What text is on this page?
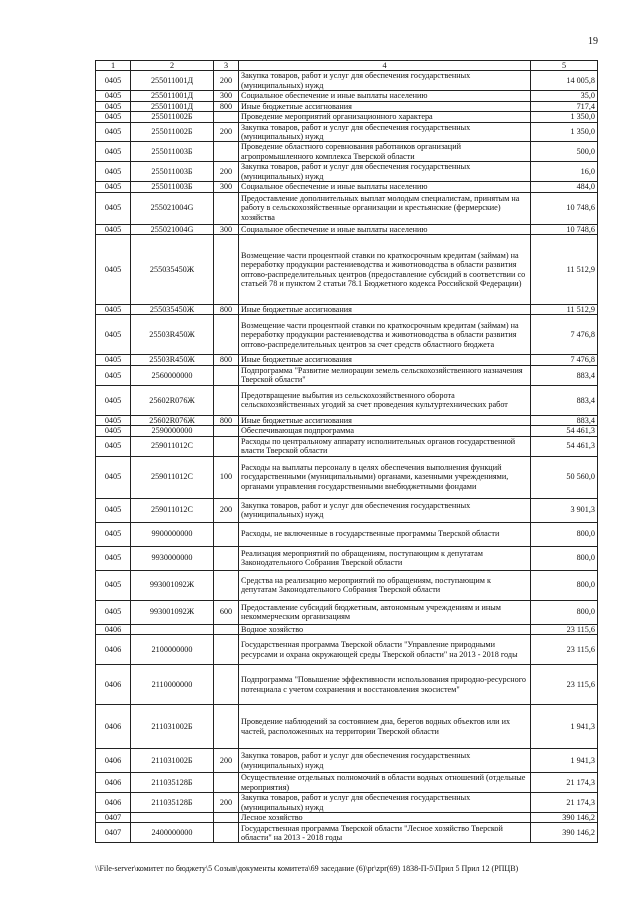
19
1	2	3	4	5
0405	255011001Д	200	Закупка товаров, работ и услуг для обеспечения государственных (муниципальных) нужд	14 005,8
0405	255011001Д	300	Социальное обеспечение и иные выплаты населению	35,0
0405	255011001Д	800	Иные бюджетные ассигнования	717,4
0405	255011002Б		Проведение мероприятий организационного характера	1 350,0
0405	255011002Б	200	Закупка товаров, работ и услуг для обеспечения государственных (муниципальных) нужд	1 350,0
0405	255011003Б		Проведение областного соревнования работников организаций агропромышленного комплекса Тверской области	500,0
0405	255011003Б	200	Закупка товаров, работ и услуг для обеспечения государственных (муниципальных) нужд	16,0
0405	255011003Б	300	Социальное обеспечение и иные выплаты населению	484,0
0405	255021004G		Предоставление дополнительных выплат молодым специалистам, принятым на работу в сельскохозяйственные организации и крестьянские (фермерские) хозяйства	10 748,6
0405	255021004G	300	Социальное обеспечение и иные выплаты населению	10 748,6
0405	255035450Ж		Возмещение части процентной ставки по краткосрочным кредитам (займам) на переработку продукции растениеводства и животноводства в области развития оптово-распределительных центров (предоставление субсидий в соответствии со статьей 78 и пунктом 2 статьи 78.1 Бюджетного кодекса Российской Федерации)	11 512,9
0405	255035450Ж	800	Иные бюджетные ассигнования	11 512,9
0405	25503R450Ж		Возмещение части процентной ставки по краткосрочным кредитам (займам) на переработку продукции растениеводства и животноводства в области развития оптово-распределительных центров за счет средств областного бюджета	7 476,8
0405	25503R450Ж	800	Иные бюджетные ассигнования	7 476,8
0405	2560000000		Подпрограмма "Развитие мелиорации земель сельскохозяйственного назначения Тверской области"	883,4
0405	25602R076Ж		Предотвращение выбытия из сельскохозяйственного оборота сельскохозяйственных угодий за счет проведения культуртехнических работ	883,4
0405	25602R076Ж	800	Иные бюджетные ассигнования	883,4
0405	2590000000		Обеспечивающая подпрограмма	54 461,3
0405	259011012С		Расходы по центральному аппарату исполнительных органов государственной власти Тверской области	54 461,3
0405	259011012С	100	Расходы на выплаты персоналу в целях обеспечения выполнения функций государственными (муниципальными) органами, казенными учреждениями, органами управления государственными внебюджетными фондами	50 560,0
0405	259011012С	200	Закупка товаров, работ и услуг для обеспечения государственных (муниципальных) нужд	3 901,3
0405	9900000000		Расходы, не включенные в государственные программы Тверской области	800,0
0405	9930000000		Реализация мероприятий по обращениям, поступающим к депутатам Законодательного Собрания Тверской области	800,0
0405	993001092Ж		Средства на реализацию мероприятий по обращениям, поступающим к депутатам Законодательного Собрания Тверской области	800,0
0405	993001092Ж	600	Предоставление субсидий бюджетным, автономным учреждениям и иным некоммерческим организациям	800,0
0406			Водное хозяйство	23 115,6
0406	2100000000		Государственная программа Тверской области "Управление природными ресурсами и охрана окружающей среды Тверской области" на 2013 - 2018 годы	23 115,6
0406	2110000000		Подпрограмма "Повышение эффективности использования природно-ресурсного потенциала с учетом сохранения и восстановления экосистем"	23 115,6
0406	211031002Б		Проведение наблюдений за состоянием дна, берегов водных объектов или их частей, расположенных на территории Тверской области	1 941,3
0406	211031002Б	200	Закупка товаров, работ и услуг для обеспечения государственных (муниципальных) нужд	1 941,3
0406	211035128Б		Осуществление отдельных полномочий в области водных отношений (отдельные мероприятия)	21 174,3
0406	211035128Б	200	Закупка товаров, работ и услуг для обеспечения государственных (муниципальных) нужд	21 174,3
0407			Лесное хозяйство	390 146,2
0407	2400000000		Государственная программа Тверской области "Лесное хозяйство Тверской области" на 2013 - 2018 годы	390 146,2
\\File-server\комитет по бюджету\5 Созыв\документы комитета\69 заседание (6)\pr\zpr(69) 1838-П-5\Прил 5 Прил 12 (РПЦВ)
